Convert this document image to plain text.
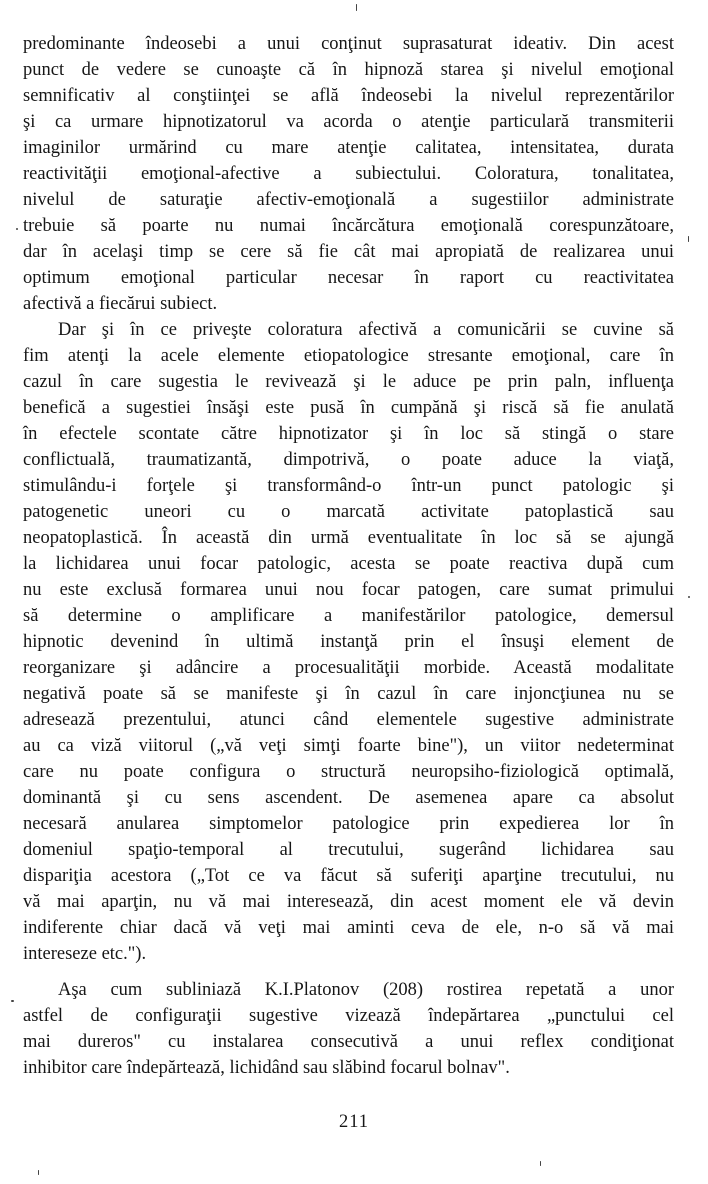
predominante îndeosebi a unui conţinut suprasaturat ideativ. Din acest
punct de vedere se cunoaşte că în hipnoză starea şi nivelul emoţional
semnificativ al conştiinţei se află îndeosebi la nivelul reprezentărilor
şi ca urmare hipnotizatorul va acorda o atenţie particulară transmiterii
imaginilor urmărind cu mare atenţie calitatea, intensitatea, durata
reactivităţii emoţional-afective a subiectului. Coloratura, tonalitatea,
nivelul de saturaţie afectiv-emoţională a sugestiilor administrate
trebuie să poarte nu numai încărcătura emoţională corespunzătoare,
dar în acelaşi timp se cere să fie cât mai apropiată de realizarea unui
optimum emoţional particular necesar în raport cu reactivitatea
afectivă a fiecărui subiect.
Dar şi în ce priveşte coloratura afectivă a comunicării se cuvine să
fim atenţi la acele elemente etiopatologice stresante emoţional, care în
cazul în care sugestia le revivează şi le aduce pe prin paln, influenţa
benefică a sugestiei însăşi este pusă în cumpănă şi riscă să fie anulată
în efectele scontate către hipnotizator şi în loc să stingă o stare
conflictuală, traumatizantă, dimpotrivă, o poate aduce la viaţă,
stimulându-i forţele şi transformând-o într-un punct patologic şi
patogenetic uneori cu o marcată activitate patoplastică sau
neopatoplastică. În această din urmă eventualitate în loc să se ajungă
la lichidarea unui focar patologic, acesta se poate reactiva după cum
nu este exclusă formarea unui nou focar patogen, care sumat primului
să determine o amplificare a manifestărilor patologice, demersul
hipnotic devenind în ultimă instanţă prin el însuşi element de
reorganizare şi adâncire a procesualităţii morbide. Această modalitate
negativă poate să se manifeste şi în cazul în care injoncţiunea nu se
adresează prezentului, atunci când elementele sugestive administrate
au ca viză viitorul („vă veţi simţi foarte bine"), un viitor nedeterminat
care nu poate configura o structură neuropsiho-fiziologică optimală,
dominantă şi cu sens ascendent. De asemenea apare ca absolut
necesară anularea simptomelor patologice prin expedierea lor în
domeniul spaţio-temporal al trecutului, sugerând lichidarea sau
dispariţia acestora („Tot ce va făcut să suferiţi aparţine trecutului, nu
vă mai aparţin, nu vă mai interesează, din acest moment ele vă devin
indiferente chiar dacă vă veţi mai aminti ceva de ele, n-o să vă mai
intereseze etc.").
Aşa cum subliniază K.I.Platonov (208) rostirea repetată a unor
astfel de configuraţii sugestive vizează îndepărtarea „punctului cel
mai dureros" cu instalarea consecutivă a unui reflex condiţionat
inhibitor care îndepărtează, lichidând sau slăbind focarul bolnav".
211
